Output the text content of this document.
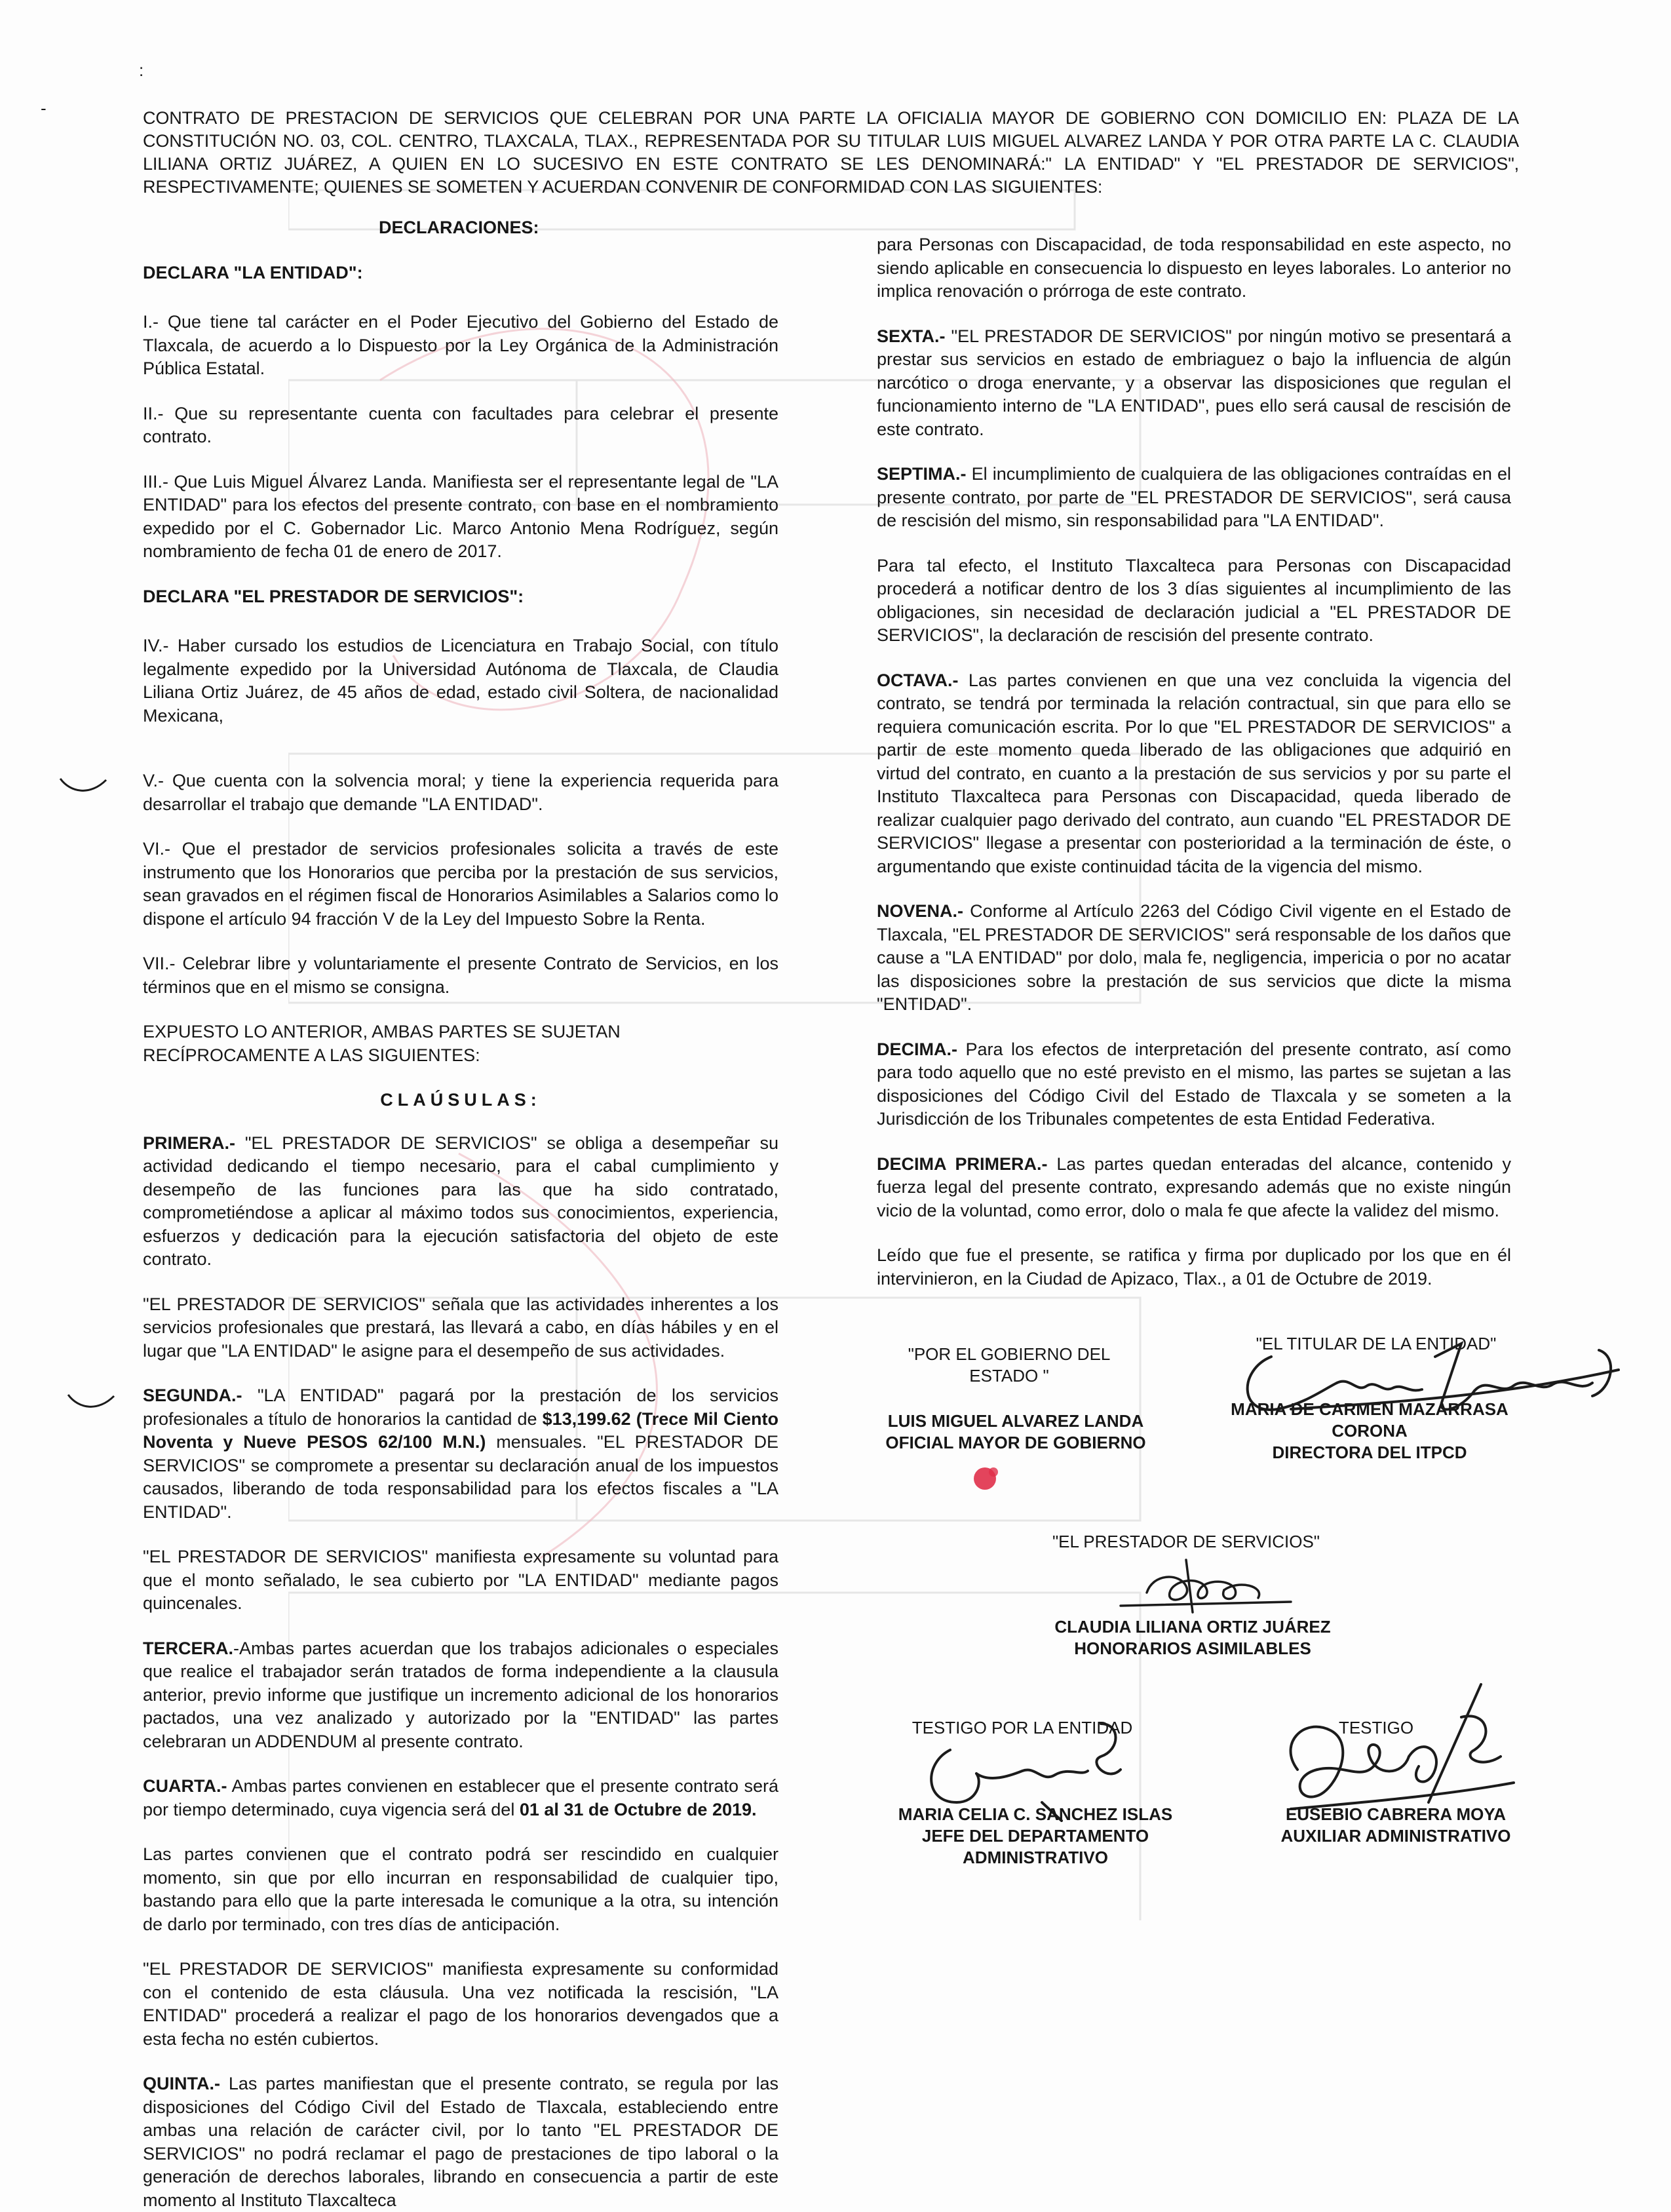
-
:

CONTRATO DE PRESTACION DE SERVICIOS QUE CELEBRAN POR UNA PARTE LA OFICIALIA MAYOR DE GOBIERNO CON DOMICILIO EN: PLAZA DE LA CONSTITUCIÓN NO. 03, COL. CENTRO, TLAXCALA, TLAX., REPRESENTADA POR SU TITULAR LUIS MIGUEL ALVAREZ LANDA Y POR OTRA PARTE LA C. CLAUDIA LILIANA ORTIZ JUÁREZ, A QUIEN EN LO SUCESIVO EN ESTE CONTRATO SE LES DENOMINARÁ:" LA ENTIDAD" Y "EL PRESTADOR DE SERVICIOS", RESPECTIVAMENTE; QUIENES SE SOMETEN Y ACUERDAN CONVENIR DE CONFORMIDAD CON LAS SIGUIENTES:

DECLARACIONES:

DECLARA "LA ENTIDAD":

I.- Que tiene tal carácter en el Poder Ejecutivo del Gobierno del Estado de Tlaxcala, de acuerdo a lo Dispuesto por la Ley Orgánica de la Administración Pública Estatal.

II.- Que su representante cuenta con facultades para celebrar el presente contrato.

III.- Que Luis Miguel Álvarez Landa. Manifiesta ser el representante legal de "LA ENTIDAD" para los efectos del presente contrato, con base en el nombramiento expedido por el C. Gobernador Lic. Marco Antonio Mena Rodríguez, según nombramiento de fecha 01 de enero de 2017.

DECLARA "EL PRESTADOR DE SERVICIOS":

IV.- Haber cursado los estudios de Licenciatura en Trabajo Social, con título legalmente expedido por la Universidad Autónoma de Tlaxcala, de Claudia Liliana Ortiz Juárez, de 45 años de edad, estado civil Soltera, de nacionalidad Mexicana,

V.- Que cuenta con la solvencia moral; y tiene la experiencia requerida para desarrollar el trabajo que demande "LA ENTIDAD".

VI.- Que el prestador de servicios profesionales solicita a través de este instrumento que los Honorarios que perciba por la prestación de sus servicios, sean gravados en el régimen fiscal de Honorarios Asimilables a Salarios como lo dispone el artículo 94 fracción V de la Ley del Impuesto Sobre la Renta.

VII.- Celebrar libre y voluntariamente el presente Contrato de Servicios, en los términos que en el mismo se consigna.

EXPUESTO LO ANTERIOR, AMBAS PARTES SE SUJETAN RECÍPROCAMENTE A LAS SIGUIENTES:

CLAÚSULAS:

PRIMERA.- "EL PRESTADOR DE SERVICIOS" se obliga a desempeñar su actividad dedicando el tiempo necesario, para el cabal cumplimiento y desempeño de las funciones para las que ha sido contratado, comprometiéndose a aplicar al máximo todos sus conocimientos, experiencia, esfuerzos y dedicación para la ejecución satisfactoria del objeto de este contrato.

"EL PRESTADOR DE SERVICIOS" señala que las actividades inherentes a los servicios profesionales que prestará, las llevará a cabo, en días hábiles y en el lugar que "LA ENTIDAD" le asigne para el desempeño de sus actividades.

SEGUNDA.- "LA ENTIDAD" pagará por la prestación de los servicios profesionales a título de honorarios la cantidad de $13,199.62 (Trece Mil Ciento Noventa y Nueve PESOS 62/100 M.N.) mensuales. "EL PRESTADOR DE SERVICIOS" se compromete a presentar su declaración anual de los impuestos causados, liberando de toda responsabilidad para los efectos fiscales a "LA ENTIDAD".

"EL PRESTADOR DE SERVICIOS" manifiesta expresamente su voluntad para que el monto señalado, le sea cubierto por "LA ENTIDAD" mediante pagos quincenales.

TERCERA.-Ambas partes acuerdan que los trabajos adicionales o especiales que realice el trabajador serán tratados de forma independiente a la clausula anterior, previo informe que justifique un incremento adicional de los honorarios pactados, una vez analizado y autorizado por la "ENTIDAD" las partes celebraran un ADDENDUM al presente contrato.

CUARTA.- Ambas partes convienen en establecer que el presente contrato será por tiempo determinado, cuya vigencia será del 01 al 31 de Octubre de 2019.

Las partes convienen que el contrato podrá ser rescindido en cualquier momento, sin que por ello incurran en responsabilidad de cualquier tipo, bastando para ello que la parte interesada le comunique a la otra, su intención de darlo por terminado, con tres días de anticipación.

"EL PRESTADOR DE SERVICIOS" manifiesta expresamente su conformidad con el contenido de esta cláusula. Una vez notificada la rescisión, "LA ENTIDAD" procederá a realizar el pago de los honorarios devengados que a esta fecha no estén cubiertos.

QUINTA.- Las partes manifiestan que el presente contrato, se regula por las disposiciones del Código Civil del Estado de Tlaxcala, estableciendo entre ambas una relación de carácter civil, por lo tanto "EL PRESTADOR DE SERVICIOS" no podrá reclamar el pago de prestaciones de tipo laboral o la generación de derechos laborales, librando en consecuencia a partir de este momento al Instituto Tlaxcalteca

para Personas con Discapacidad, de toda responsabilidad en este aspecto, no siendo aplicable en consecuencia lo dispuesto en leyes laborales. Lo anterior no implica renovación o prórroga de este contrato.

SEXTA.- "EL PRESTADOR DE SERVICIOS" por ningún motivo se presentará a prestar sus servicios en estado de embriaguez o bajo la influencia de algún narcótico o droga enervante, y a observar las disposiciones que regulan el funcionamiento interno de "LA ENTIDAD", pues ello será causal de rescisión de este contrato.

SEPTIMA.- El incumplimiento de cualquiera de las obligaciones contraídas en el presente contrato, por parte de "EL PRESTADOR DE SERVICIOS", será causa de rescisión del mismo, sin responsabilidad para "LA ENTIDAD".

Para tal efecto, el Instituto Tlaxcalteca para Personas con Discapacidad procederá a notificar dentro de los 3 días siguientes al incumplimiento de las obligaciones, sin necesidad de declaración judicial a "EL PRESTADOR DE SERVICIOS", la declaración de rescisión del presente contrato.

OCTAVA.- Las partes convienen en que una vez concluida la vigencia del contrato, se tendrá por terminada la relación contractual, sin que para ello se requiera comunicación escrita. Por lo que "EL PRESTADOR DE SERVICIOS" a partir de este momento queda liberado de las obligaciones que adquirió en virtud del contrato, en cuanto a la prestación de sus servicios y por su parte el Instituto Tlaxcalteca para Personas con Discapacidad, queda liberado de realizar cualquier pago derivado del contrato, aun cuando "EL PRESTADOR DE SERVICIOS" llegase a presentar con posterioridad a la terminación de éste, o argumentando que existe continuidad tácita de la vigencia del mismo.

NOVENA.- Conforme al Artículo 2263 del Código Civil vigente en el Estado de Tlaxcala, "EL PRESTADOR DE SERVICIOS" será responsable de los daños que cause a "LA ENTIDAD" por dolo, mala fe, negligencia, impericia o por no acatar las disposiciones sobre la prestación de sus servicios que dicte la misma "ENTIDAD".

DECIMA.- Para los efectos de interpretación del presente contrato, así como para todo aquello que no esté previsto en el mismo, las partes se sujetan a las disposiciones del Código Civil del Estado de Tlaxcala y se someten a la Jurisdicción de los Tribunales competentes de esta Entidad Federativa.

DECIMA PRIMERA.- Las partes quedan enteradas del alcance, contenido y fuerza legal del presente contrato, expresando además que no existe ningún vicio de la voluntad, como error, dolo o mala fe que afecte la validez del mismo.

Leído que fue el presente, se ratifica y firma por duplicado por los que en él intervinieron, en la Ciudad de Apizaco, Tlax., a 01 de Octubre de 2019.

"POR EL GOBIERNO DEL ESTADO "
LUIS MIGUEL ALVAREZ LANDA
OFICIAL MAYOR DE GOBIERNO
"EL TITULAR DE LA ENTIDAD"
MARIA DE CARMEN MAZARRASA
CORONA
DIRECTORA DEL ITPCD
"EL PRESTADOR DE SERVICIOS"
CLAUDIA LILIANA ORTIZ JUÁREZ
HONORARIOS ASIMILABLES
TESTIGO POR LA ENTIDAD
MARIA CELIA C. SANCHEZ ISLAS
JEFE DEL DEPARTAMENTO
ADMINISTRATIVO
TESTIGO
EUSEBIO CABRERA MOYA
AUXILIAR ADMINISTRATIVO
